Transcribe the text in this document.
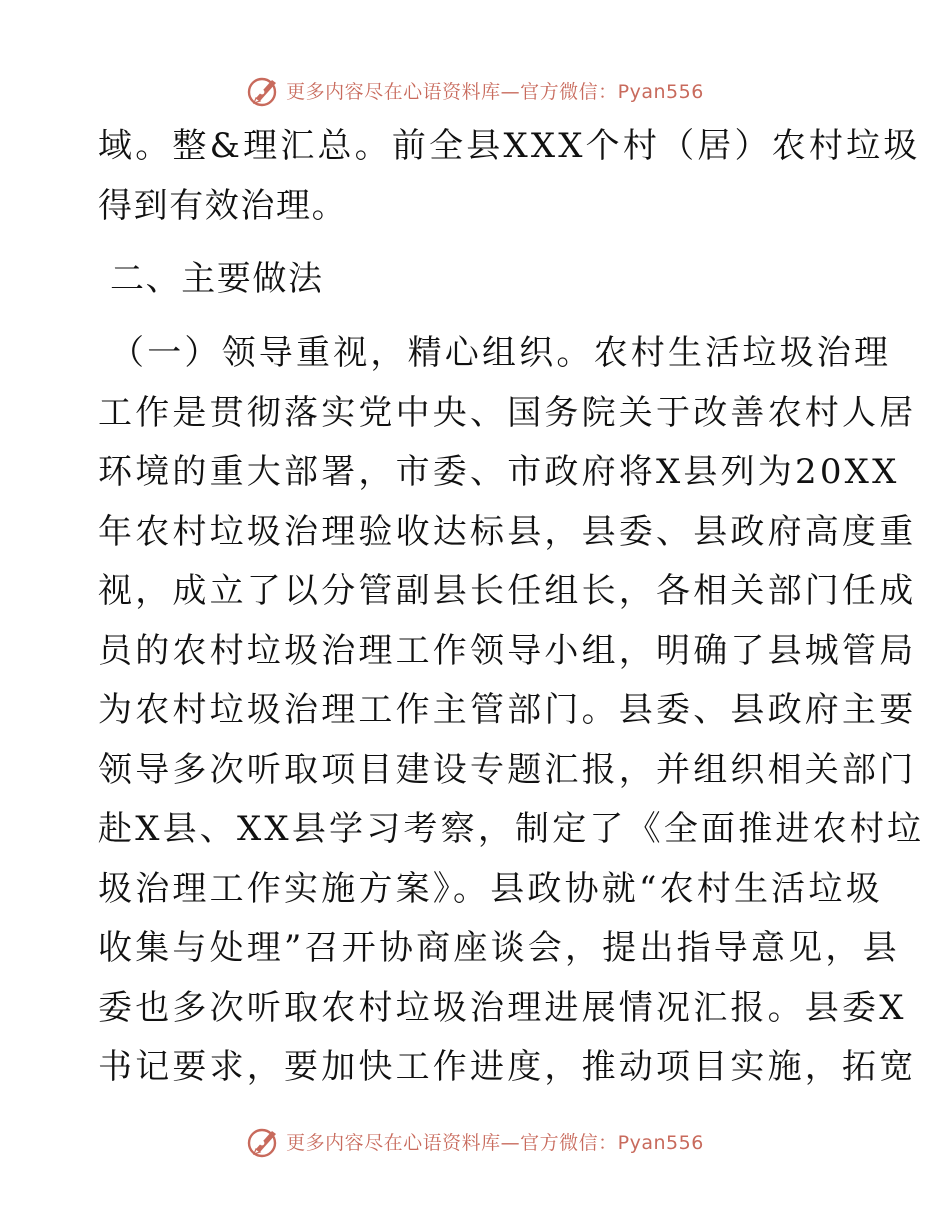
更多内容尽在心语资料库—官方微信：Pyan556
域。整&理汇总。前全县XXX个村（居）农村垃圾
得到有效治理。
二、主要做法
（一）领导重视，精心组织。农村生活垃圾治理
工作是贯彻落实党中央、国务院关于改善农村人居
环境的重大部署，市委、市政府将X县列为20XX
年农村垃圾治理验收达标县，县委、县政府高度重
视，成立了以分管副县长任组长，各相关部门任成
员的农村垃圾治理工作领导小组，明确了县城管局
为农村垃圾治理工作主管部门。县委、县政府主要
领导多次听取项目建设专题汇报，并组织相关部门
赴X县、XX县学习考察，制定了《全面推进农村垃
圾治理工作实施方案》。县政协就“农村生活垃圾
收集与处理”召开协商座谈会，提出指导意见，县
委也多次听取农村垃圾治理进展情况汇报。县委X
书记要求，要加快工作进度，推动项目实施，拓宽
更多内容尽在心语资料库—官方微信：Pyan556
